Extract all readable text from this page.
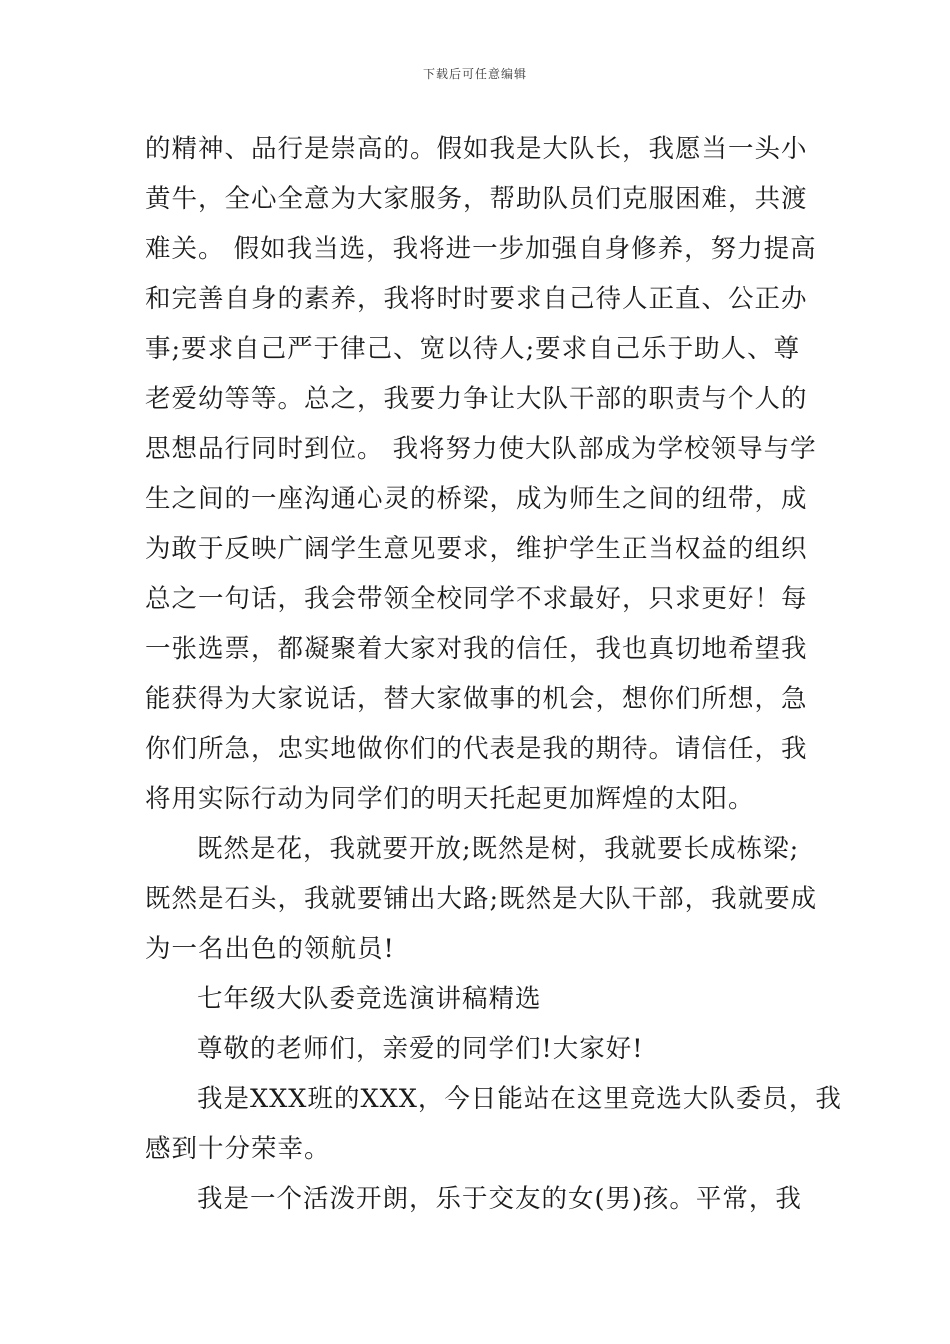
下载后可任意编辑
的精神、品行是崇高的。假如我是大队长，我愿当一头小
黄牛，全心全意为大家服务，帮助队员们克服困难，共渡
难关。 假如我当选，我将进一步加强自身修养，努力提高
和完善自身的素养，我将时时要求自己待人正直、公正办
事;要求自己严于律己、宽以待人;要求自己乐于助人、尊
老爱幼等等。总之，我要力争让大队干部的职责与个人的
思想品行同时到位。 我将努力使大队部成为学校领导与学
生之间的一座沟通心灵的桥梁，成为师生之间的纽带，成
为敢于反映广阔学生意见要求，维护学生正当权益的组织
总之一句话，我会带领全校同学不求最好，只求更好！每
一张选票，都凝聚着大家对我的信任，我也真切地希望我
能获得为大家说话，替大家做事的机会，想你们所想，急
你们所急，忠实地做你们的代表是我的期待。请信任，我
将用实际行动为同学们的明天托起更加辉煌的太阳。
既然是花，我就要开放;既然是树，我就要长成栋梁;
既然是石头，我就要铺出大路;既然是大队干部，我就要成
为一名出色的领航员!
七年级大队委竞选演讲稿精选
尊敬的老师们，亲爱的同学们!大家好!
我是XXX班的XXX，今日能站在这里竞选大队委员，我
感到十分荣幸。
我是一个活泼开朗，乐于交友的女(男)孩。平常，我
